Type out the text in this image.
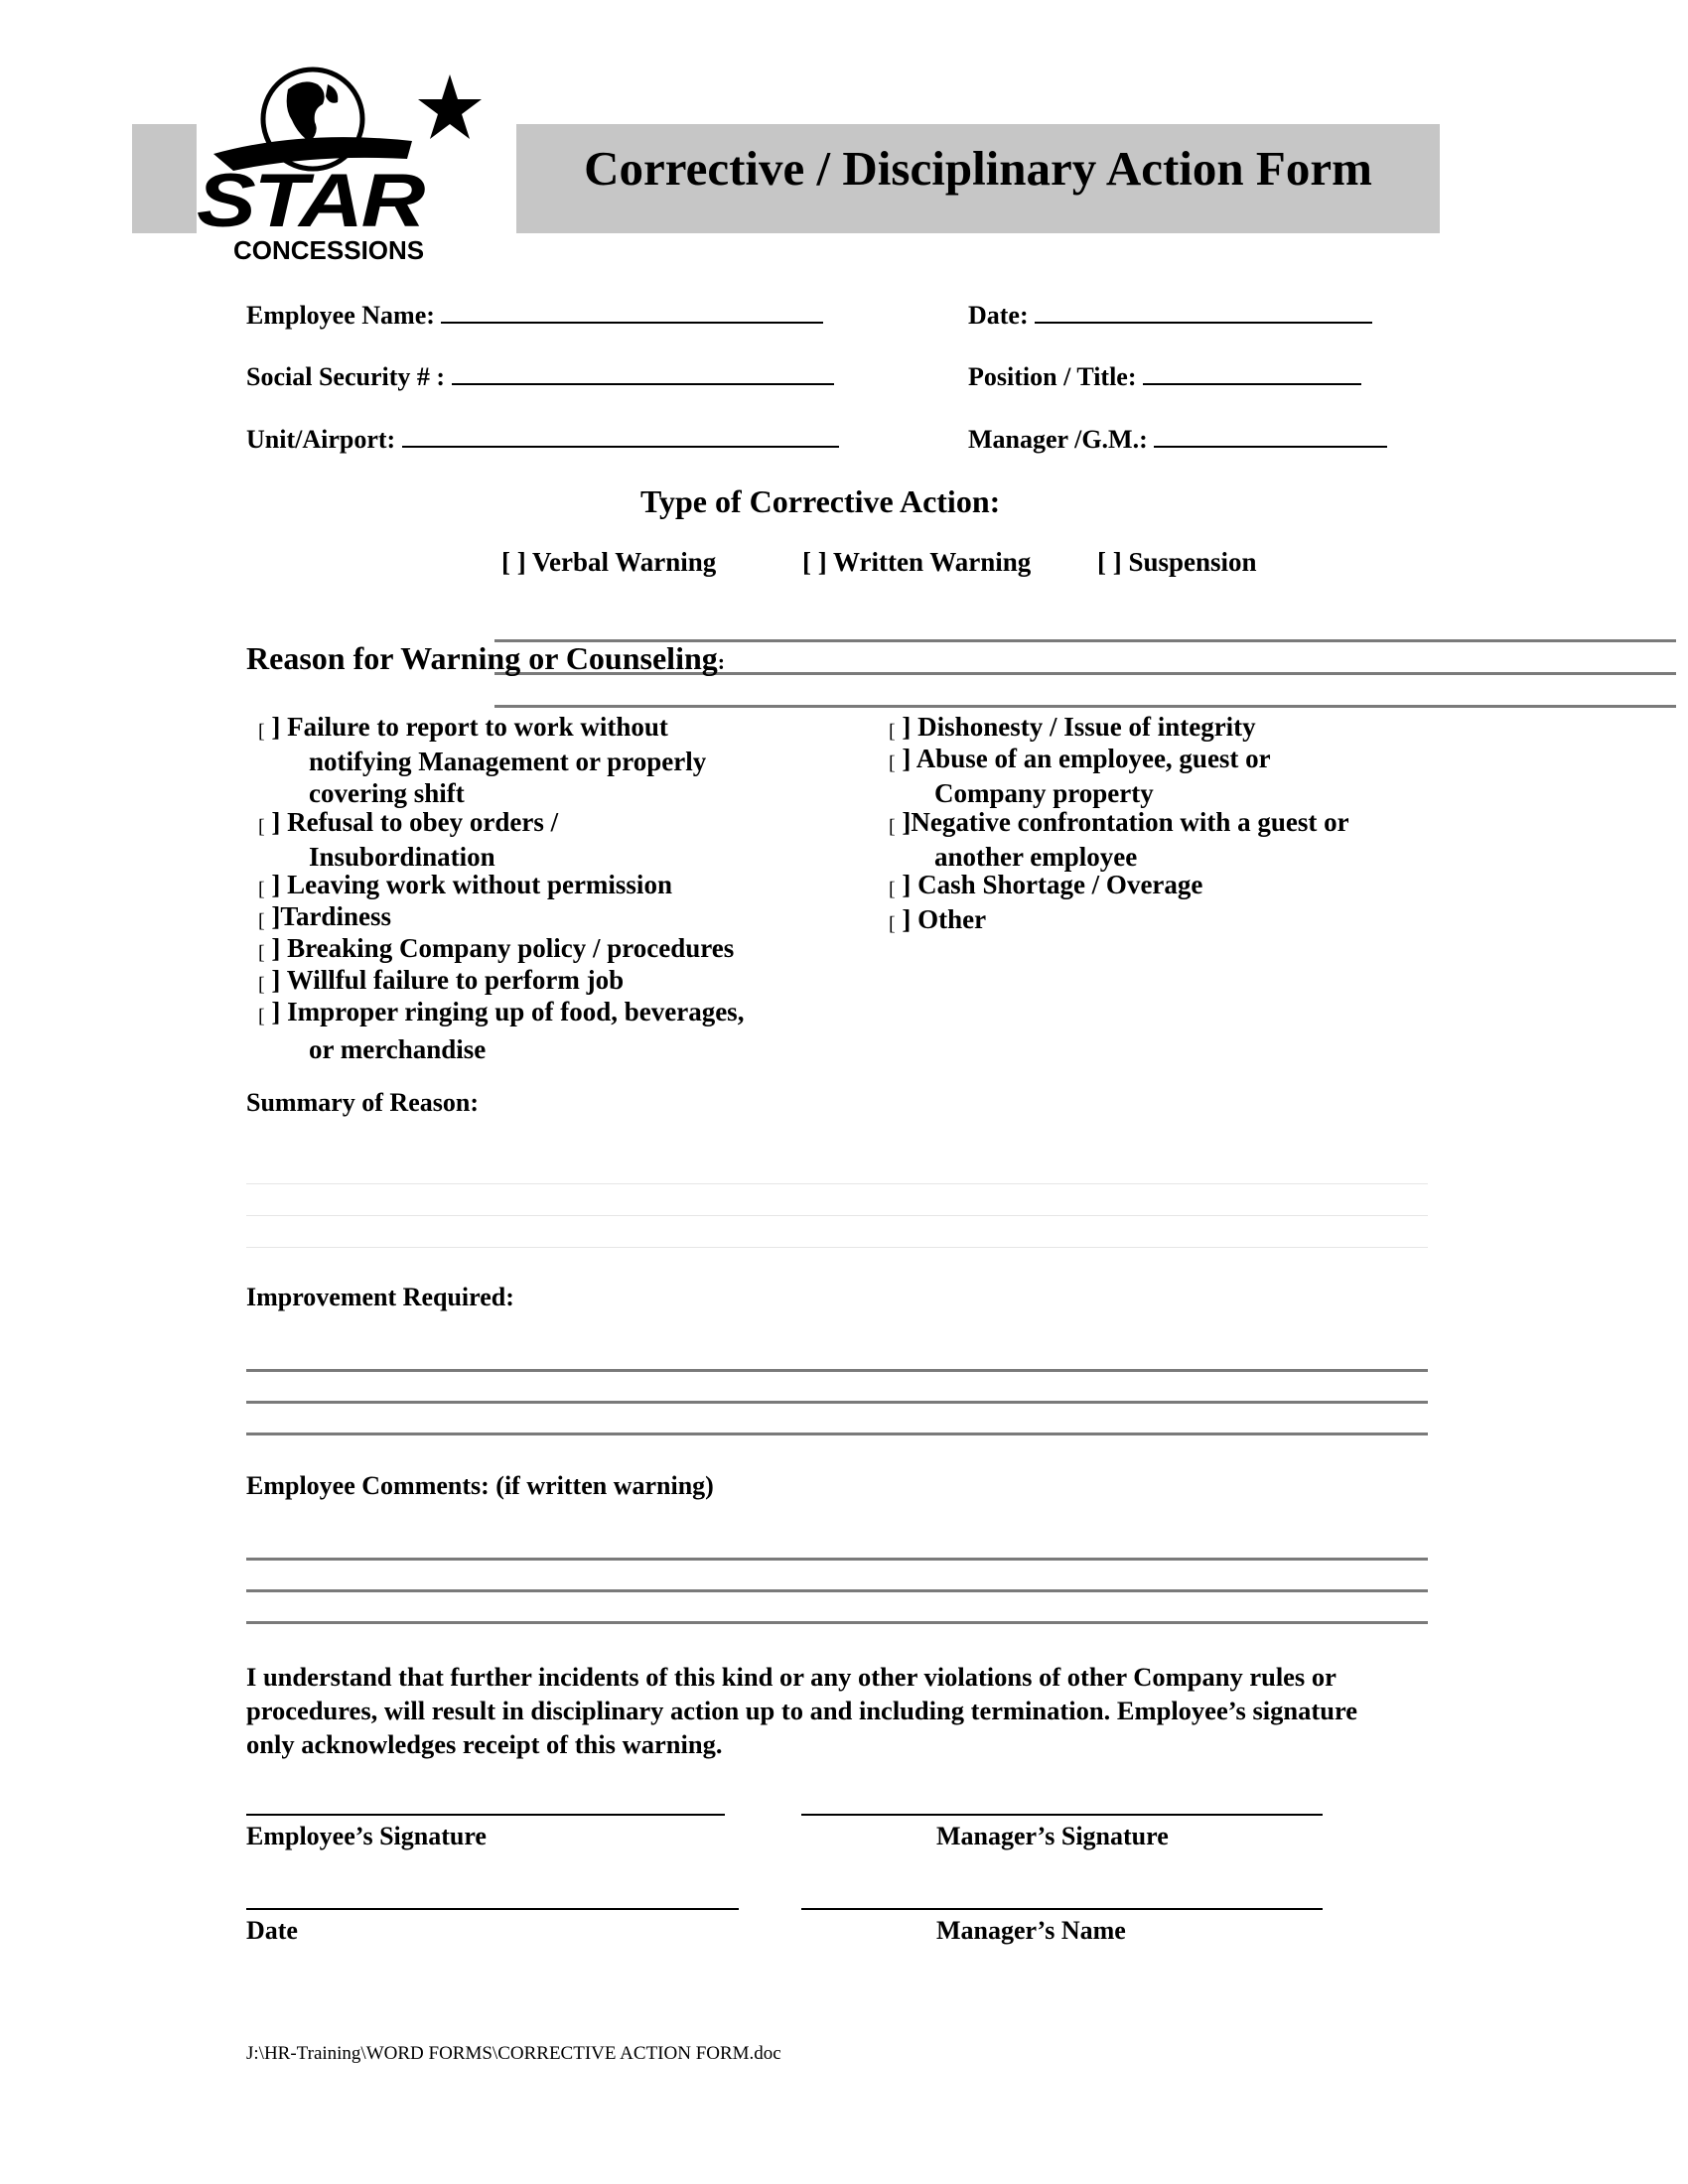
Corrective / Disciplinary Action Form
STAR
CONCESSIONS
Employee Name:	Date:
Social Security # :	Position / Title:
Unit/Airport:	Manager /G.M.:
Type of Corrective Action:
[ ] Verbal Warning	[ ] Written Warning [ ] Suspension
Reason for Warning or Counseling:
[ ] Failure to report to work without
notifying Management or properly
covering shift
[ ] Refusal to obey orders /
Insubordination
[ ] Leaving work without permission
[ ]Tardiness
[ ] Breaking Company policy / procedures
[ ] Willful failure to perform job
[ ] Improper ringing up of food, beverages,
or merchandise
[ ] Dishonesty / Issue of integrity
[ ] Abuse of an employee, guest or
Company property
[ ]Negative confrontation with a guest or
another employee
[ ] Cash Shortage / Overage
[ ] Other
Summary of Reason:
Improvement Required:
Employee Comments: (if written warning)
I understand that further incidents of this kind or any other violations of other Company rules or
procedures, will result in disciplinary action up to and including termination. Employee’s signature
only acknowledges receipt of this warning.
Employee’s Signature	Manager’s Signature
Date	Manager’s Name
J:\HR-Training\WORD FORMS\CORRECTIVE ACTION FORM.doc
